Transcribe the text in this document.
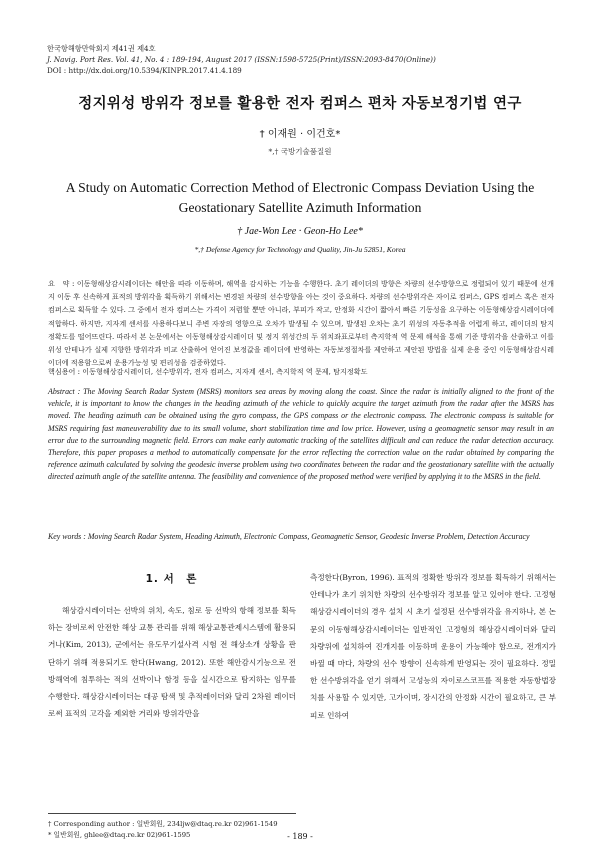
한국항해항만학회지 제41권 제4호
J. Navig. Port Res. Vol. 41, No. 4 : 189-194, August 2017 (ISSN:1598-5725(Print)/ISSN:2093-8470(Online))
DOI : http://dx.doi.org/10.5394/KINPR.2017.41.4.189
정지위성 방위각 정보를 활용한 전자 컴퍼스 편차 자동보정기법 연구
† 이재원 · 이건호*
*,† 국방기술품질원
A Study on Automatic Correction Method of Electronic Compass Deviation Using the Geostationary Satellite Azimuth Information
† Jae-Won Lee · Geon-Ho Lee*
*,† Defense Agency for Technology and Quality, Jin-Ju 52851, Korea
요　약 : 이동형해상감시레이더는 해안을 따라 이동하며, 해역을 감시하는 기능을 수행한다. 초기 레이더의 방향은 차량의 선수방향으로 정렬되어 있기 때문에 선개지 이동 후 신속하게 표적의 방위각을 획득하기 위해서는 변경된 차량의 선수방향을 아는 것이 중요하다. 차량의 선수방위각은 자이로 컴퍼스, GPS 컴퍼스 혹은 전자 컴퍼스로 획득할 수 있다. 그 중에서 전자 컴퍼스는 가격이 저렴할 뿐만 아니라, 부피가 작고, 안정화 시간이 짧아서 빠른 기동성을 요구하는 이동형해상감시레이더에 적합하다. 하지만, 지자계 센서를 사용하다보니 주변 자장의 영향으로 오차가 발생될 수 있으며, 발생된 오차는 초기 위성의 자동추적을 어렵게 하고, 레이더의 탐지정확도를 떨어뜨린다. 따라서 본 논문에서는 이동형해상감시레이더 및 정지 위성간의 두 위치좌표로부터 측지학적 역 문제 해석을 통해 기준 방위각을 산출하고 이를 위성 안테나가 실제 지향한 방위각과 비교 산출하여 얻어진 보정값을 레이더에 반영하는 자동보정절차를 제안하고 제안된 방법을 실제 운용 중인 이동형해상감시레이더에 적용함으로써 운용가능성 및 편리성을 검증하였다.
핵심용어 : 이동형해상감시레이더, 선수방위각, 전자 컴퍼스, 지자계 센서, 측지학적 역 문제, 탐지정확도
Abstract : The Moving Search Radar System (MSRS) monitors sea areas by moving along the coast. Since the radar is initially aligned to the front of the vehicle, it is important to know the changes in the heading azimuth of the vehicle to quickly acquire the target azimuth from the radar after the MSRS has moved. The heading azimuth can be obtained using the gyro compass, the GPS compass or the electronic compass. The electronic compass is suitable for MSRS requiring fast maneuverability due to its small volume, short stabilization time and low price. However, using a geomagnetic sensor may result in an error due to the surrounding magnetic field. Errors can make early automatic tracking of the satellites difficult and can reduce the radar detection accuracy. Therefore, this paper proposes a method to automatically compensate for the error reflecting the correction value on the radar obtained by comparing the reference azimuth calculated by solving the geodesic inverse problem using two coordinates between the radar and the geostationary satellite with the actually directed azimuth angle of the satellite antenna. The feasibility and convenience of the proposed method were verified by applying it to the MSRS in the field.
Key words : Moving Search Radar System, Heading Azimuth, Electronic Compass, Geomagnetic Sensor, Geodesic Inverse Problem, Detection Accuracy
1. 서　론
해상감시레이더는 선박의 위치, 속도, 침로 등 선박의 항해 정보를 획득하는 장비로써 안전한 해상 교통 관리를 위해 해상교통관제시스템에 활용되거나(Kim, 2013), 군에서는 유도무기설사격 시험 전 해상소개 상황을 판단하기 위해 적용되기도 한다(Hwang, 2012). 또한 해안감시기능으로 전방해역에 침투하는 적의 선박이나 함정 등을 실시간으로 탐지하는 임무를 수행한다. 해상감시레이더는 대공 탐색 및 추적레이더와 달리 2차원 레이더로써 표적의 고각을 제외한 거리와 방위각만을
측정한다(Byron, 1996). 표적의 정확한 방위각 정보를 획득하기 위해서는 안테나가 초기 위치한 차량의 선수방위각 정보를 알고 있어야 한다. 고정형 해상감시레이더의 경우 설치 시 초기 설정된 선수방위각을 유지하나, 본 논문의 이동형해상감시레이더는 일반적인 고정형의 해상감시레이더와 달리 차량위에 설치하여 진개지를 이동하며 운용이 가능해야 함으로, 전개지가 바뀔 때 마다, 차량의 선수 방향이 신속하게 반영되는 것이 필요하다. 정밀한 선수방위각을 얻기 위해서 고성능의 자이로스코프를 적용한 자동항법장치를 사용할 수 있지만, 고가이며, 장시간의 안정화 시간이 필요하고, 큰 부피로 인하여
† Corresponding author : 일반회원, 234ljw@dtaq.re.kr 02)961-1549
* 일반회원, ghlee@dtaq.re.kr 02)961-1595	- 189 -
